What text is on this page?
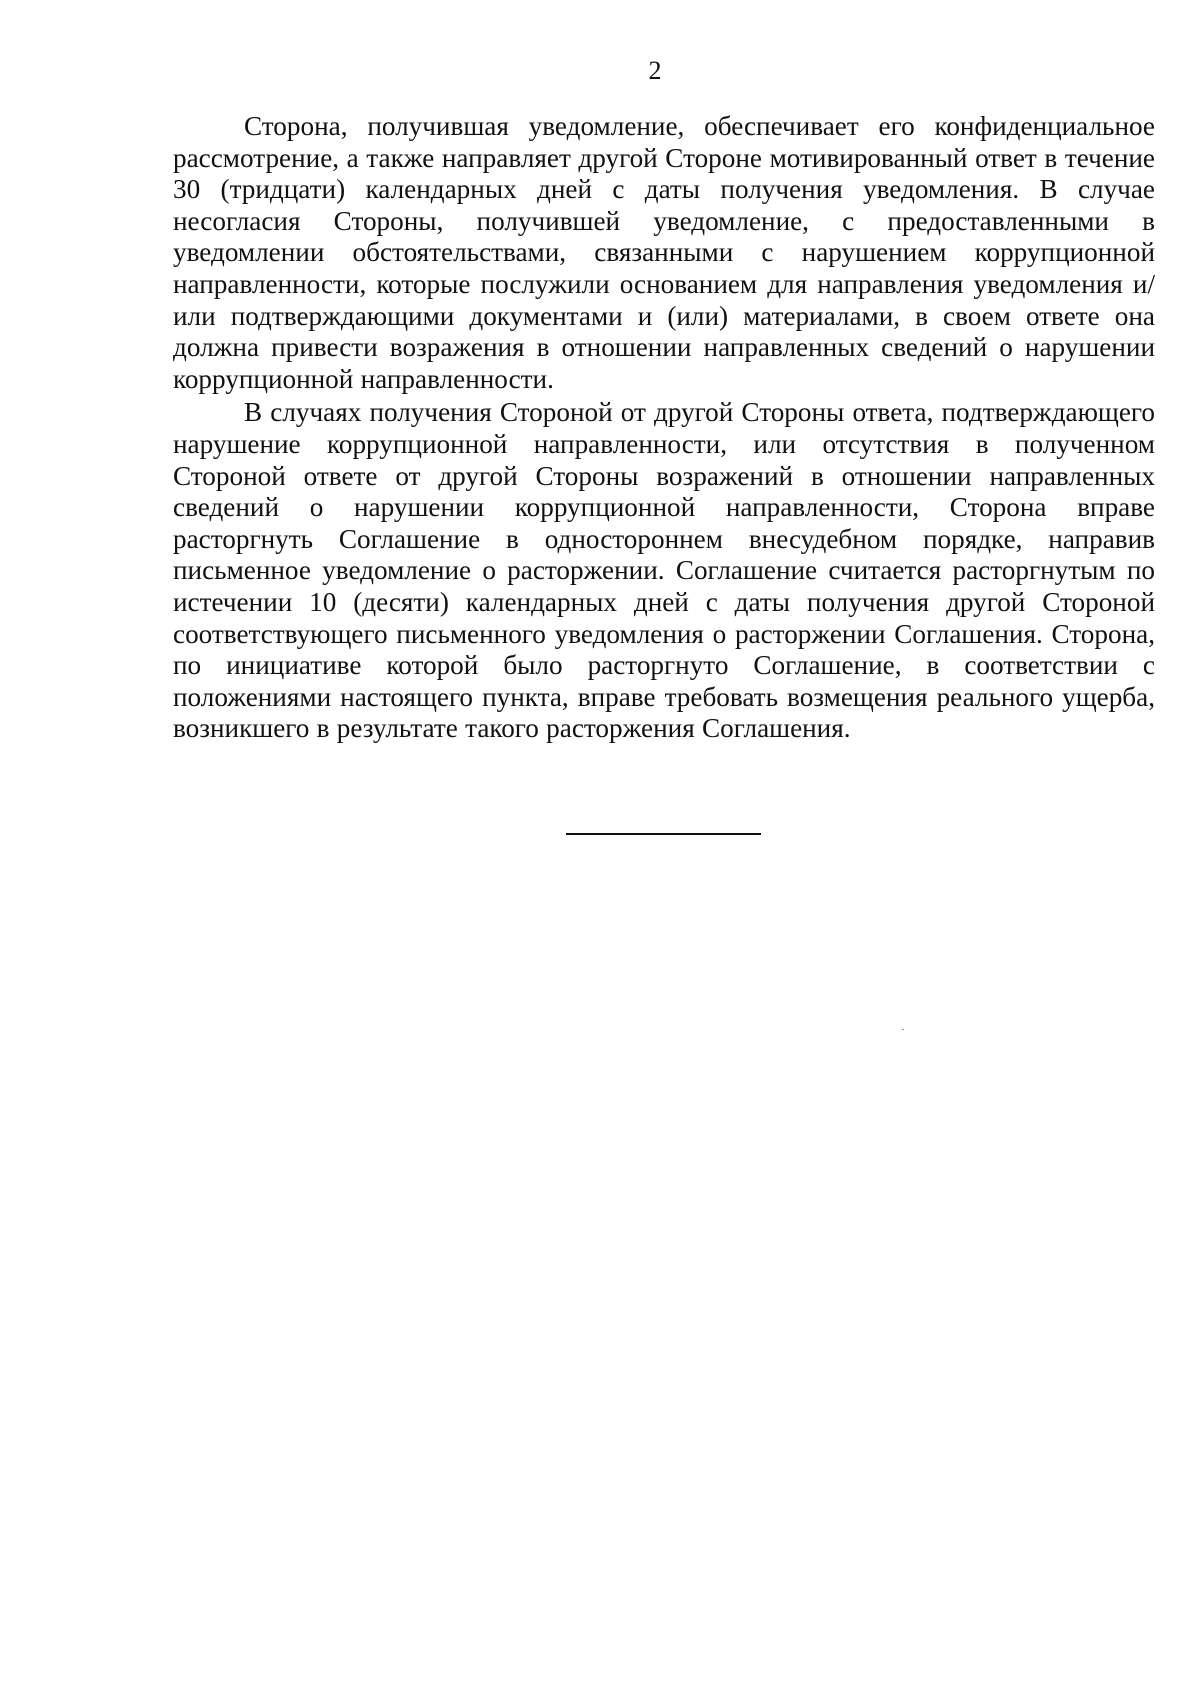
2

Сторона, получившая уведомление, обеспечивает его конфиденциальное рассмотрение, а также направляет другой Стороне мотивированный ответ в течение 30 (тридцати) календарных дней с даты получения уведомления. В случае несогласия Стороны, получившей уведомление, с предоставленными в уведомлении обстоятельствами, связанными с нарушением коррупционной направленности, которые послужили основанием для направления уведомления и/или подтверждающими документами и (или) материалами, в своем ответе она должна привести возражения в отношении направленных сведений о нарушении коррупционной направленности.

В случаях получения Стороной от другой Стороны ответа, подтверждающего нарушение коррупционной направленности, или отсутствия в полученном Стороной ответе от другой Стороны возражений в отношении направленных сведений о нарушении коррупционной направленности, Сторона вправе расторгнуть Соглашение в одностороннем внесудебном порядке, направив письменное уведомление о расторжении. Соглашение считается расторгнутым по истечении 10 (десяти) календарных дней с даты получения другой Стороной соответствующего письменного уведомления о расторжении Соглашения. Сторона, по инициативе которой было расторгнуто Соглашение, в соответствии с положениями настоящего пункта, вправе требовать возмещения реального ущерба, возникшего в результате такого расторжения Соглашения.
